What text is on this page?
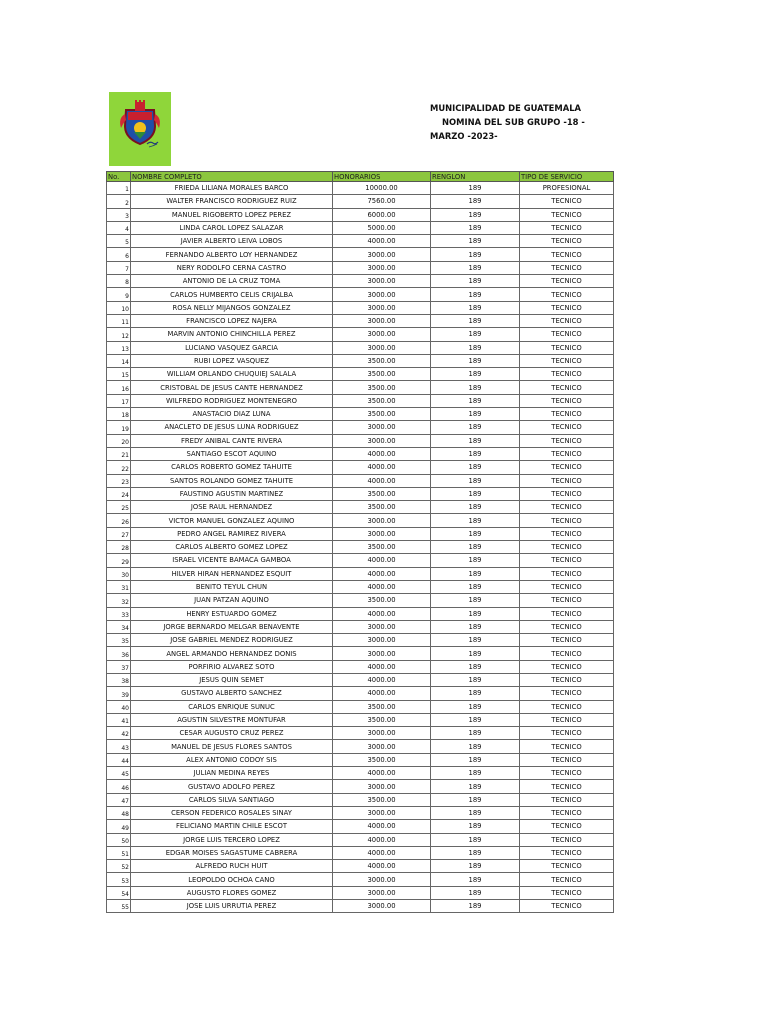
MUNICIPALIDAD DE GUATEMALA
NOMINA DEL SUB GRUPO -18 -
MARZO -2023-
No.	NOMBRE COMPLETO	HONORARIOS	RENGLON	TIPO DE SERVICIO
1	FRIEDA LILIANA MORALES BARCO	10000.00	189	PROFESIONAL
2	WALTER FRANCISCO RODRIGUEZ RUIZ	7560.00	189	TECNICO
3	MANUEL RIGOBERTO LOPEZ PEREZ	6000.00	189	TECNICO
4	LINDA CAROL LOPEZ SALAZAR	5000.00	189	TECNICO
5	JAVIER ALBERTO LEIVA LOBOS	4000.00	189	TECNICO
6	FERNANDO ALBERTO LOY HERNANDEZ	3000.00	189	TECNICO
7	NERY RODOLFO CERNA CASTRO	3000.00	189	TECNICO
8	ANTONIO DE LA CRUZ TOMA	3000.00	189	TECNICO
9	CARLOS HUMBERTO CELIS CRIJALBA	3000.00	189	TECNICO
10	ROSA NELLY MIJANGOS GONZALEZ	3000.00	189	TECNICO
11	FRANCISCO LOPEZ NAJERA	3000.00	189	TECNICO
12	MARVIN ANTONIO CHINCHILLA PEREZ	3000.00	189	TECNICO
13	LUCIANO VASQUEZ GARCIA	3000.00	189	TECNICO
14	RUBI LOPEZ VASQUEZ	3500.00	189	TECNICO
15	WILLIAM ORLANDO CHUQUIEJ SALALA	3500.00	189	TECNICO
16	CRISTOBAL DE JESUS CANTE HERNANDEZ	3500.00	189	TECNICO
17	WILFREDO RODRIGUEZ MONTENEGRO	3500.00	189	TECNICO
18	ANASTACIO DIAZ LUNA	3500.00	189	TECNICO
19	ANACLETO DE JESUS LUNA RODRIGUEZ	3000.00	189	TECNICO
20	FREDY ANIBAL CANTE RIVERA	3000.00	189	TECNICO
21	SANTIAGO ESCOT AQUINO	4000.00	189	TECNICO
22	CARLOS ROBERTO GOMEZ TAHUITE	4000.00	189	TECNICO
23	SANTOS ROLANDO GOMEZ TAHUITE	4000.00	189	TECNICO
24	FAUSTINO AGUSTIN MARTINEZ	3500.00	189	TECNICO
25	JOSE RAUL HERNANDEZ	3500.00	189	TECNICO
26	VICTOR MANUEL GONZALEZ AQUINO	3000.00	189	TECNICO
27	PEDRO ANGEL RAMIREZ RIVERA	3000.00	189	TECNICO
28	CARLOS ALBERTO GOMEZ LOPEZ	3500.00	189	TECNICO
29	ISRAEL VICENTE BAMACA GAMBOA	4000.00	189	TECNICO
30	HILVER HIRAN HERNANDEZ ESQUIT	4000.00	189	TECNICO
31	BENITO TEYUL CHUN	4000.00	189	TECNICO
32	JUAN PATZAN AQUINO	3500.00	189	TECNICO
33	HENRY ESTUARDO GOMEZ	4000.00	189	TECNICO
34	JORGE BERNARDO MELGAR BENAVENTE	3000.00	189	TECNICO
35	JOSE GABRIEL MENDEZ RODRIGUEZ	3000.00	189	TECNICO
36	ANGEL ARMANDO HERNANDEZ DONIS	3000.00	189	TECNICO
37	PORFIRIO ALVAREZ SOTO	4000.00	189	TECNICO
38	JESUS QUIN SEMET	4000.00	189	TECNICO
39	GUSTAVO ALBERTO SANCHEZ	4000.00	189	TECNICO
40	CARLOS ENRIQUE SUNUC	3500.00	189	TECNICO
41	AGUSTIN SILVESTRE MONTUFAR	3500.00	189	TECNICO
42	CESAR AUGUSTO CRUZ PEREZ	3000.00	189	TECNICO
43	MANUEL DE JESUS FLORES SANTOS	3000.00	189	TECNICO
44	ALEX ANTONIO CODOY SIS	3500.00	189	TECNICO
45	JULIAN MEDINA REYES	4000.00	189	TECNICO
46	GUSTAVO ADOLFO PEREZ	3000.00	189	TECNICO
47	CARLOS SILVA SANTIAGO	3500.00	189	TECNICO
48	CERSON FEDERICO ROSALES SINAY	3000.00	189	TECNICO
49	FELICIANO MARTIN CHILE ESCOT	4000.00	189	TECNICO
50	JORGE LUIS TERCERO LOPEZ	4000.00	189	TECNICO
51	EDGAR MOISES SAGASTUME CABRERA	4000.00	189	TECNICO
52	ALFREDO RUCH HUIT	4000.00	189	TECNICO
53	LEOPOLDO OCHOA CANO	3000.00	189	TECNICO
54	AUGUSTO FLORES GOMEZ	3000.00	189	TECNICO
55	JOSE LUIS URRUTIA PEREZ	3000.00	189	TECNICO
